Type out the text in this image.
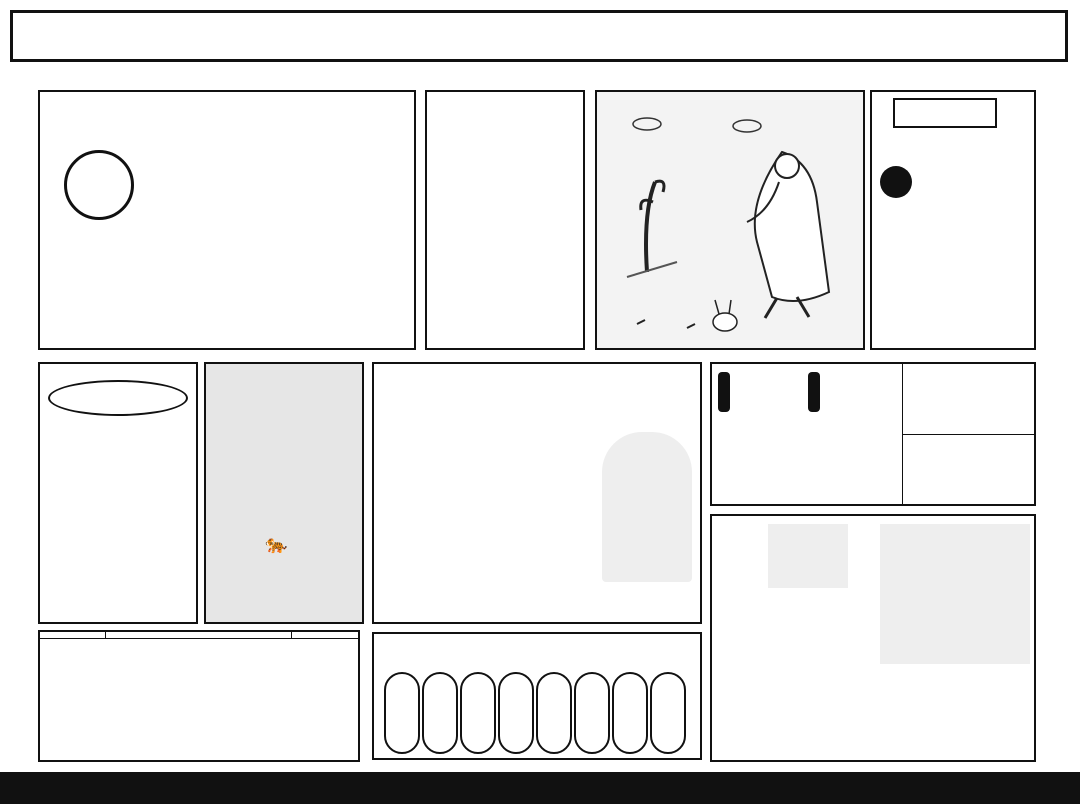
🐅
